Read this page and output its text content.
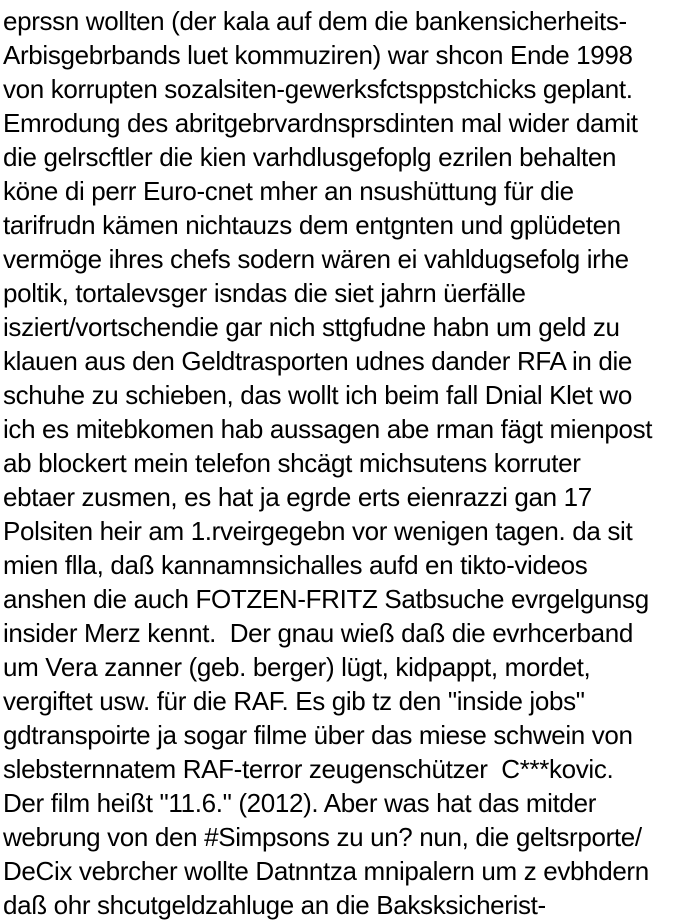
eprssn wollten (der kala auf dem die bankensicherheits-
Arbisgebrbands luet kommuziren) war shcon Ende 1998
von korrupten sozalsiten-gewerksfctsppstchicks geplant.
Emrodung des abritgebrvardnsprsdinten mal wider damit
die gelrscftler die kien varhdlusgefoplg ezrilen behalten
köne di perr Euro-cnet mher an nsushüttung für die
tarifrudn kämen nichtauzs dem entgnten und gplüdeten
vermöge ihres chefs sodern wären ei vahldugsefolg irhe
poltik, tortalevsger isndas die siet jahrn üerfälle
isziert/vortschendie gar nich sttgfudne habn um geld zu
klauen aus den Geldtrasporten udnes dander RFA in die
schuhe zu schieben, das wollt ich beim fall Dnial Klet wo
ich es mitebkomen hab aussagen abe rman fägt mienpost
ab blockert mein telefon shcägt michsutens korruter
ebtaer zusmen, es hat ja egrde erts eienrazzi gan 17
Polsiten heir am 1.rveirgegebn vor wenigen tagen. da sit
mien flla, daß kannamnsichalles aufd en tikto-videos
anshen die auch FOTZEN-FRITZ Satbsuche evrgelgunsg
insider Merz kennt.  Der gnau wieß daß die evrhcerband
um Vera zanner (geb. berger) lügt, kidpappt, mordet,
vergiftet usw. für die RAF. Es gib tz den "inside jobs"
gdtranspoirte ja sogar filme über das miese schwein von
slebsternnatem RAF-terror zeugenschützer  C***kovic.
Der film heißt "11.6." (2012). Aber was hat das mitder
webrung von den #Simpsons zu un? nun, die geltsrporte/
DeCix vebrcher wollte Datnntza mnipalern um z evbhdern
daß ohr shcutgeldzahluge an die Baksksicherist-
